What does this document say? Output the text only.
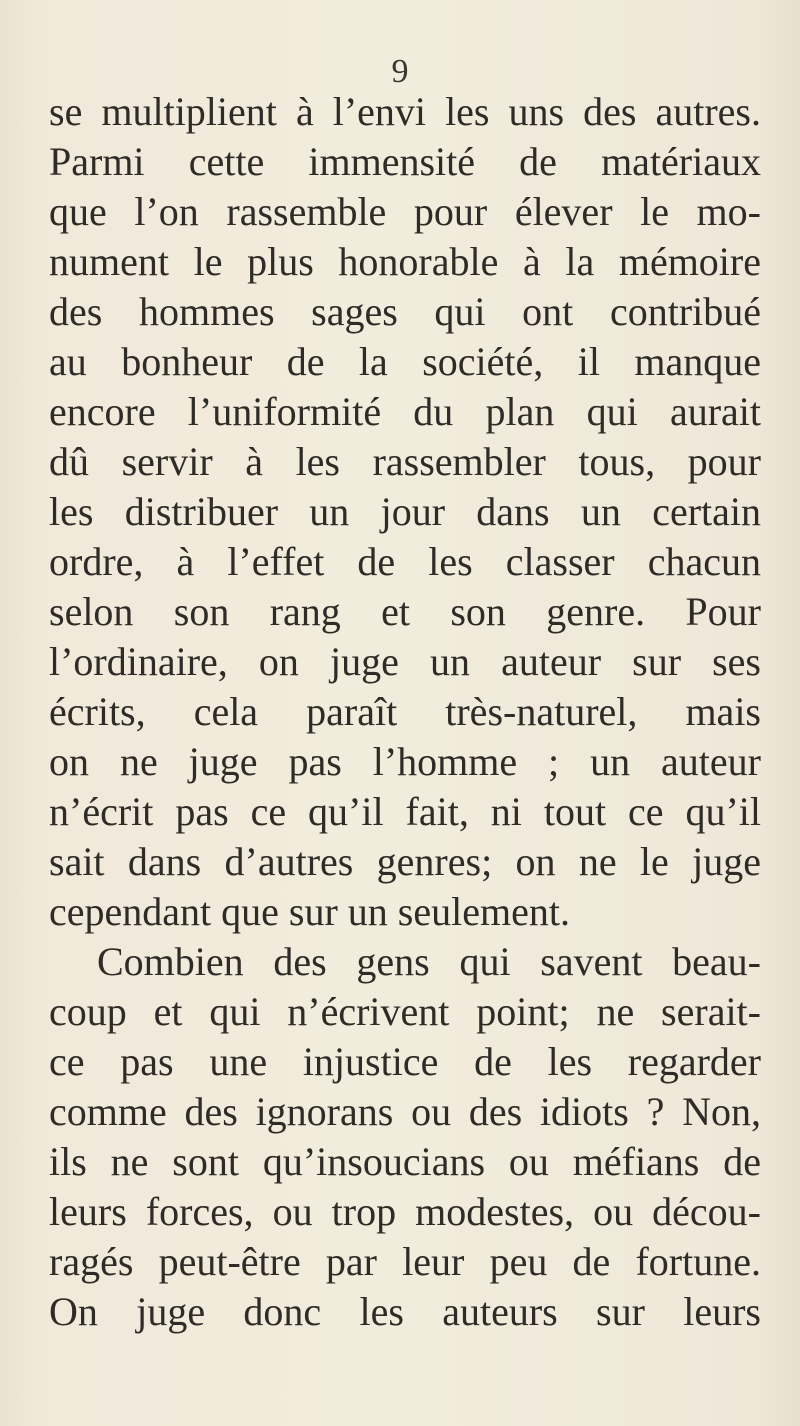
9
se multiplient à l’envi les uns des autres.
Parmi cette immensité de matériaux
que l’on rassemble pour élever le mo-
nument le plus honorable à la mémoire
des hommes sages qui ont contribué
au bonheur de la société, il manque
encore l’uniformité du plan qui aurait
dû servir à les rassembler tous, pour
les distribuer un jour dans un certain
ordre, à l’effet de les classer chacun
selon son rang et son genre. Pour
l’ordinaire, on juge un auteur sur ses
écrits, cela paraît très-naturel, mais
on ne juge pas l’homme ; un auteur
n’écrit pas ce qu’il fait, ni tout ce qu’il
sait dans d’autres genres; on ne le juge
cependant que sur un seulement.
Combien des gens qui savent beau-
coup et qui n’écrivent point; ne serait-
ce pas une injustice de les regarder
comme des ignorans ou des idiots ? Non,
ils ne sont qu’insoucians ou méfians de
leurs forces, ou trop modestes, ou décou-
ragés peut-être par leur peu de fortune.
On juge donc les auteurs sur leurs
